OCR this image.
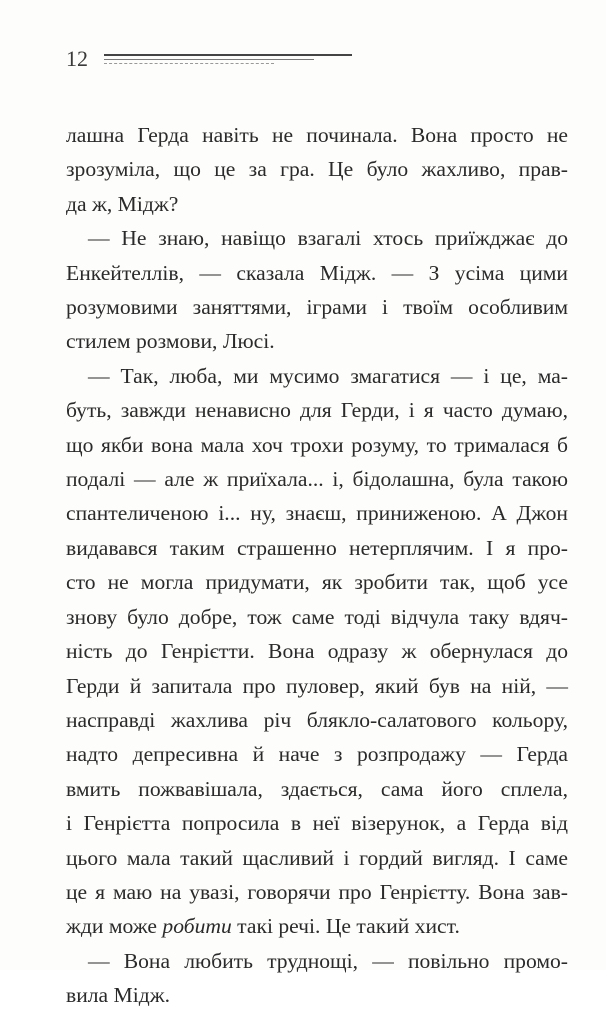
12

лашна Герда навіть не починала. Вона просто не
зрозуміла, що це за гра. Це було жахливо, прав-
да ж, Мідж?

— Не знаю, навіщо взагалі хтось приїжджає до
Енкейтеллів, — сказала Мідж. — З усіма цими
розумовими заняттями, іграми і твоїм особливим
стилем розмови, Люсі.

— Так, люба, ми мусимо змагатися — і це, ма-
буть, завжди ненависно для Герди, і я часто думаю,
що якби вона мала хоч трохи розуму, то трималася б
подалі — але ж приїхала... і, бідолашна, була такою
спантеличеною і... ну, знаєш, приниженою. А Джон
видавався таким страшенно нетерплячим. І я про-
сто не могла придумати, як зробити так, щоб усе
знову було добре, тож саме тоді відчула таку вдяч-
ність до Генрієтти. Вона одразу ж обернулася до
Герди й запитала про пуловер, який був на ній, —
насправді жахлива річ блякло-салатового кольору,
надто депресивна й наче з розпродажу — Герда
вмить пожвавішала, здається, сама його сплела,
і Генрієтта попросила в неї візерунок, а Герда від
цього мала такий щасливий і гордий вигляд. І саме
це я маю на увазі, говорячи про Генрієтту. Вона зав-
жди може робити такі речі. Це такий хист.

— Вона любить труднощі, — повільно промо-
вила Мідж.
